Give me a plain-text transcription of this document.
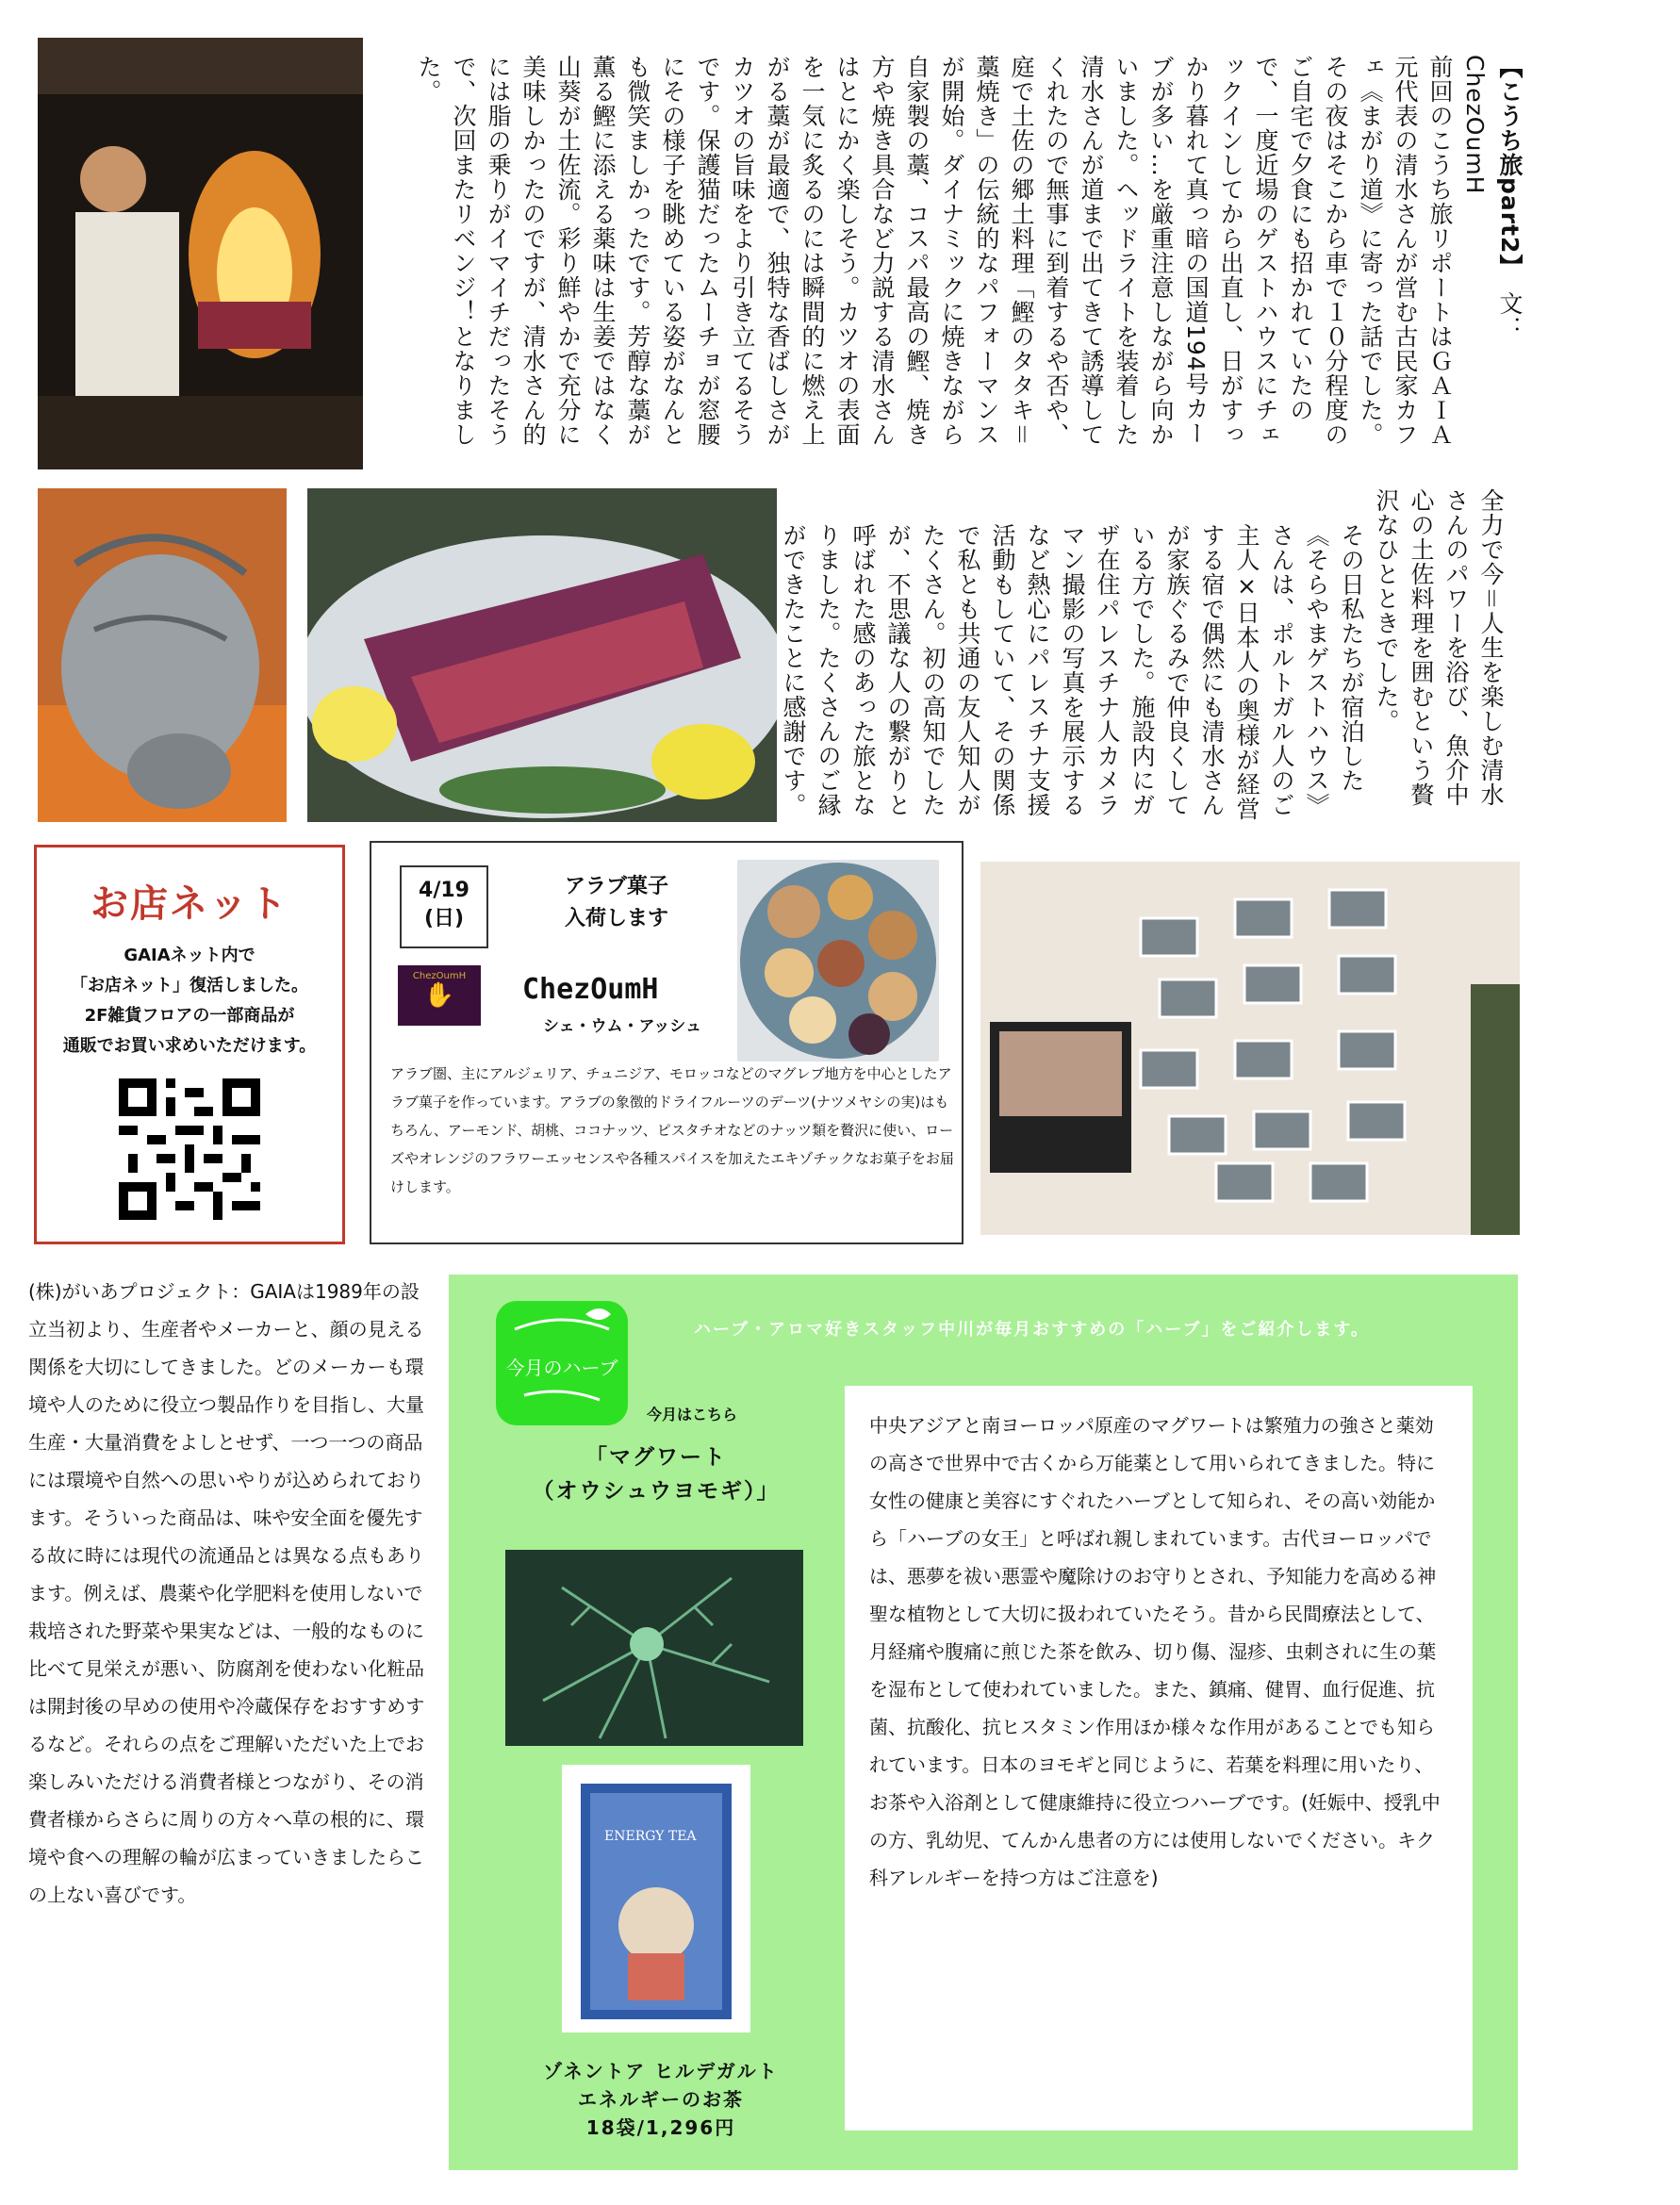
【こうち旅part2】　文：ChezOumH

前回のこうち旅リポートはＧＡＩＡ元代表の清水さんが営む古民家カフェ《まがり道》に寄った話でした。その夜はそこから車で１０分程度のご自宅で夕食にも招かれていたので、一度近場のゲストハウスにチェックインしてから出直し、日がすっかり暮れて真っ暗の国道194号カーブが多い…を厳重注意しながら向かいました。ヘッドライトを装着した清水さんが道まで出てきて誘導してくれたので無事に到着するや否や、庭で土佐の郷土料理「鰹のタタキ＝藁焼き」の伝統的なパフォーマンスが開始。ダイナミックに焼きながら自家製の藁、コスパ最高の鰹、焼き方や焼き具合など力説する清水さんはとにかく楽しそう。カツオの表面を一気に炙るのには瞬間的に燃え上がる藁が最適で、独特な香ばしさがカツオの旨味をより引き立てるそうです。保護猫だったムーチョが窓腰にその様子を眺めている姿がなんとも微笑ましかったです。芳醇な藁が薫る鰹に添える薬味は生姜ではなく山葵が土佐流。彩り鮮やかで充分に美味しかったのですが、清水さん的には脂の乗りがイマイチだったそうで、次回またリベンジ！となりました。

全力で今＝人生を楽しむ清水さんのパワーを浴び、魚介中心の土佐料理を囲むという贅沢なひとときでした。

その日私たちが宿泊した《そらやまゲストハウス》さんは、ポルトガル人のご主人×日本人の奥様が経営する宿で偶然にも清水さんが家族ぐるみで仲良くしている方でした。施設内にガザ在住パレスチナ人カメラマン撮影の写真を展示するなど熱心にパレスチナ支援活動もしていて、その関係で私とも共通の友人知人がたくさん。初の高知でしたが、不思議な人の繋がりと呼ばれた感のあった旅となりました。たくさんのご縁ができたことに感謝です。

お店ネット
GAIAネット内で
「お店ネット」復活しました。
2F雑貨フロアの一部商品が
通販でお買い求めいただけます。
4/19
(日)
アラブ菓子
入荷します
ChezOumH
✋	ChezOumH
シェ・ウム・アッシュ
アラブ圏、主にアルジェリア、チュニジア、モロッコなどのマグレブ地方を中心としたアラブ菓子を作っています。アラブの象徴的ドライフルーツのデーツ(ナツメヤシの実)はもちろん、アーモンド、胡桃、ココナッツ、ピスタチオなどのナッツ類を贅沢に使い、ローズやオレンジのフラワーエッセンスや各種スパイスを加えたエキゾチックなお菓子をお届けします。
(株)がいあプロジェクト：GAIAは1989年の設立当初より、生産者やメーカーと、顔の見える関係を大切にしてきました。どのメーカーも環境や人のために役立つ製品作りを目指し、大量生産・大量消費をよしとせず、一つ一つの商品には環境や自然への思いやりが込められております。そういった商品は、味や安全面を優先する故に時には現代の流通品とは異なる点もあります。例えば、農薬や化学肥料を使用しないで栽培された野菜や果実などは、一般的なものに比べて見栄えが悪い、防腐剤を使わない化粧品は開封後の早めの使用や冷蔵保存をおすすめするなど。それらの点をご理解いただいた上でお楽しみいただける消費者様とつながり、その消費者様からさらに周りの方々へ草の根的に、環境や食への理解の輪が広まっていきましたらこの上ない喜びです。
今月のハーブ
ハーブ・アロマ好きスタッフ中川が毎月おすすめの「ハーブ」をご紹介します。
今月はこちら
「マグワート
（オウシュウヨモギ）」
ENERGY TEA
中央アジアと南ヨーロッパ原産のマグワートは繁殖力の強さと薬効の高さで世界中で古くから万能薬として用いられてきました。特に女性の健康と美容にすぐれたハーブとして知られ、その高い効能から「ハーブの女王」と呼ばれ親しまれています。古代ヨーロッパでは、悪夢を祓い悪霊や魔除けのお守りとされ、予知能力を高める神聖な植物として大切に扱われていたそう。昔から民間療法として、月経痛や腹痛に煎じた茶を飲み、切り傷、湿疹、虫刺されに生の葉を湿布として使われていました。また、鎮痛、健胃、血行促進、抗菌、抗酸化、抗ヒスタミン作用ほか様々な作用があることでも知られています。日本のヨモギと同じように、若葉を料理に用いたり、お茶や入浴剤として健康維持に役立つハーブです。(妊娠中、授乳中の方、乳幼児、てんかん患者の方には使用しないでください。キク科アレルギーを持つ方はご注意を)
ゾネントア ヒルデガルト
エネルギーのお茶
18袋/1,296円
